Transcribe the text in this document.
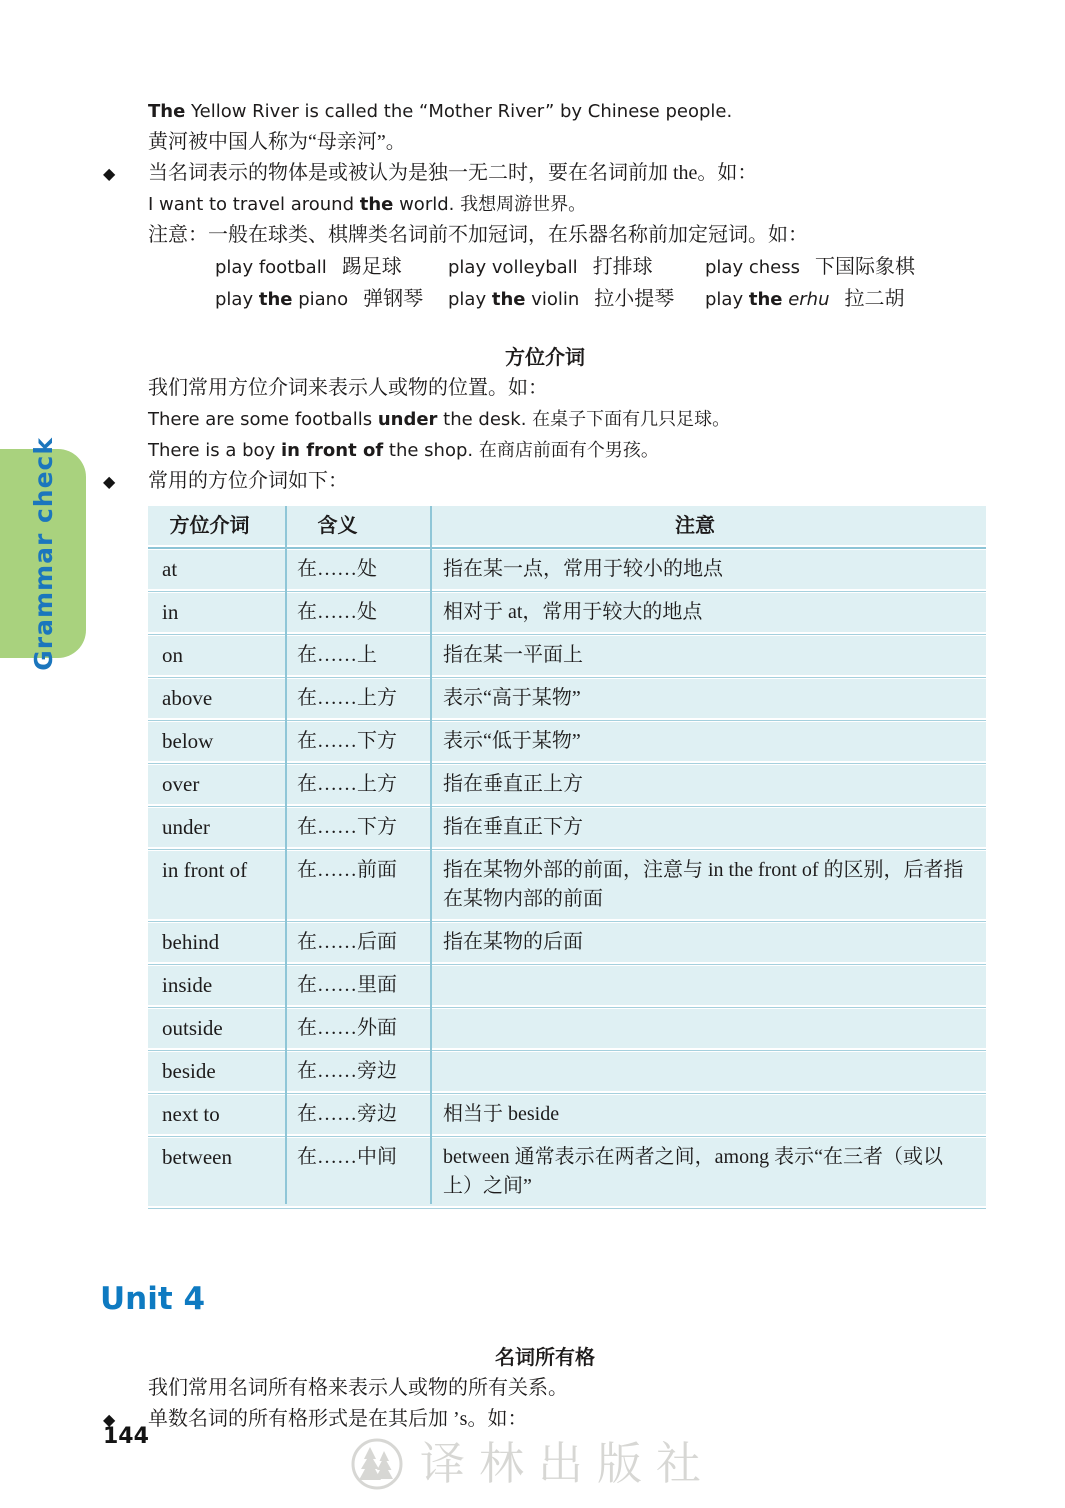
Grammar check
The Yellow River is called the “Mother River” by Chinese people.
黄河被中国人称为“母亲河”。
◆	当名词表示的物体是或被认为是独一无二时，要在名词前加 the。如：
I want to travel around the world. 我想周游世界。
注意：一般在球类、棋牌类名词前不加冠词，在乐器名称前加定冠词。如：
play football 踢足球	play volleyball 打排球	play chess 下国际象棋
play the piano 弹钢琴	play the violin 拉小提琴	play the erhu 拉二胡
方位介词
我们常用方位介词来表示人或物的位置。如：
There are some footballs under the desk. 在桌子下面有几只足球。
There is a boy in front of the shop. 在商店前面有个男孩。
◆	常用的方位介词如下：
方位介词	含义	注意
at	在……处	指在某一点，常用于较小的地点
in	在……处	相对于 at，常用于较大的地点
on	在……上	指在某一平面上
above	在……上方	表示“高于某物”
below	在……下方	表示“低于某物”
over	在……上方	指在垂直正上方
under	在……下方	指在垂直正下方
in front of	在……前面	指在某物外部的前面，注意与 in the front of 的区别，后者指在某物内部的前面
behind	在……后面	指在某物的后面
inside	在……里面
outside	在……外面
beside	在……旁边
next to	在……旁边	相当于 beside
between	在……中间	between 通常表示在两者之间，among 表示“在三者（或以上）之间”
Unit 4
名词所有格
我们常用名词所有格来表示人或物的所有关系。
◆	单数名词的所有格形式是在其后加 ’s。如：
144
译林出版社
